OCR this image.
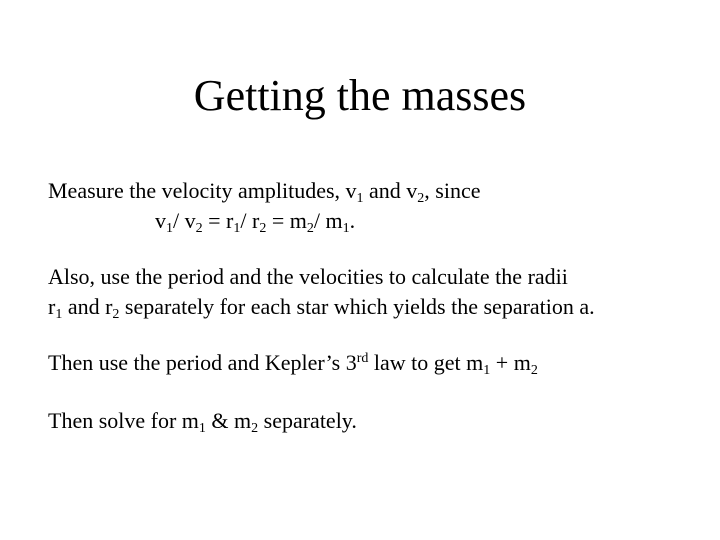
Getting the masses
Measure the velocity amplitudes, $v_1$ and $v_2$, since
$v_1/$ $v_2 = r_1/$ $r_2 = m_2/$ $m_1$.
Also, use the period and the velocities to calculate the radii
$r_1$ and $r_2$ separately for each star which yields the separation a.
Then use the period and Kepler’s 3rd law to get $m_1 + m_2$
Then solve for $m_1$ & $m_2$ separately.
